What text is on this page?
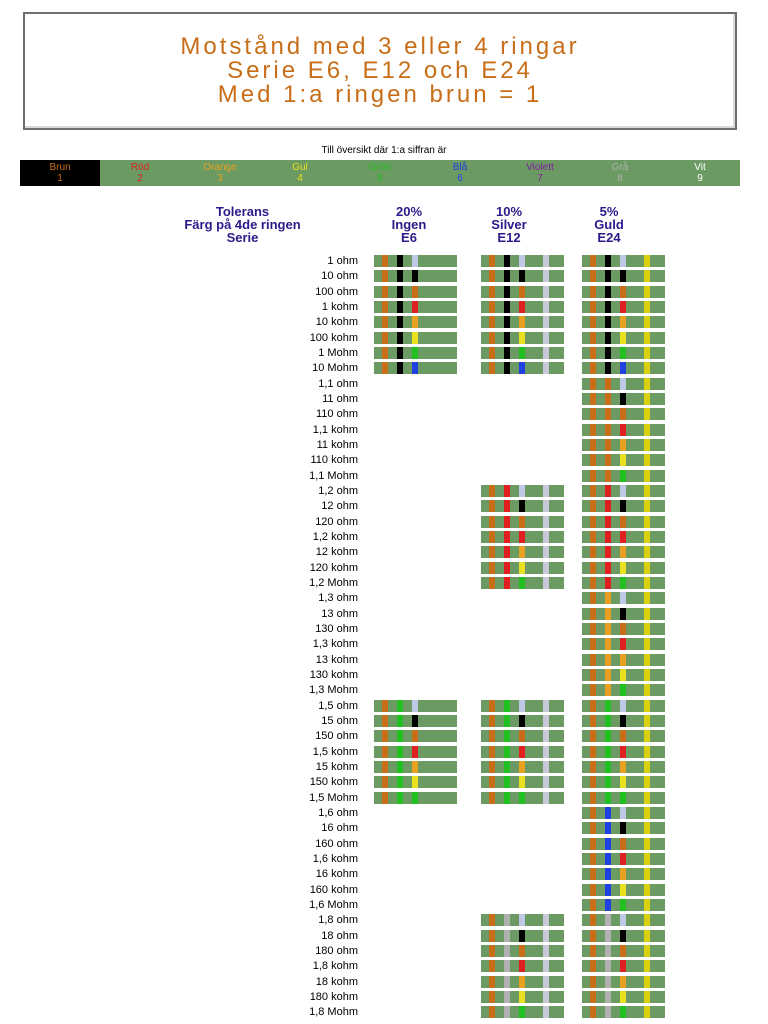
Motstånd med 3 eller 4 ringar
Serie E6, E12 och E24
Med 1:a ringen brun = 1
Till översikt där 1:a siffran är
Brun
1
Röd
2
Orange
3
Gul
4
Grön
5
Blå
6
Violett
7
Grå
8
Vit
9
Tolerans
Färg på 4de ringen
Serie
20%
Ingen
E6
10%
Silver
E12
5%
Guld
E24
1 ohm
10 ohm
100 ohm
1 kohm
10 kohm
100 kohm
1 Mohm
10 Mohm
1,1 ohm
11 ohm
110 ohm
1,1 kohm
11 kohm
110 kohm
1,1 Mohm
1,2 ohm
12 ohm
120 ohm
1,2 kohm
12 kohm
120 kohm
1,2 Mohm
1,3 ohm
13 ohm
130 ohm
1,3 kohm
13 kohm
130 kohm
1,3 Mohm
1,5 ohm
15 ohm
150 ohm
1,5 kohm
15 kohm
150 kohm
1,5 Mohm
1,6 ohm
16 ohm
160 ohm
1,6 kohm
16 kohm
160 kohm
1,6 Mohm
1,8 ohm
18 ohm
180 ohm
1,8 kohm
18 kohm
180 kohm
1,8 Mohm
